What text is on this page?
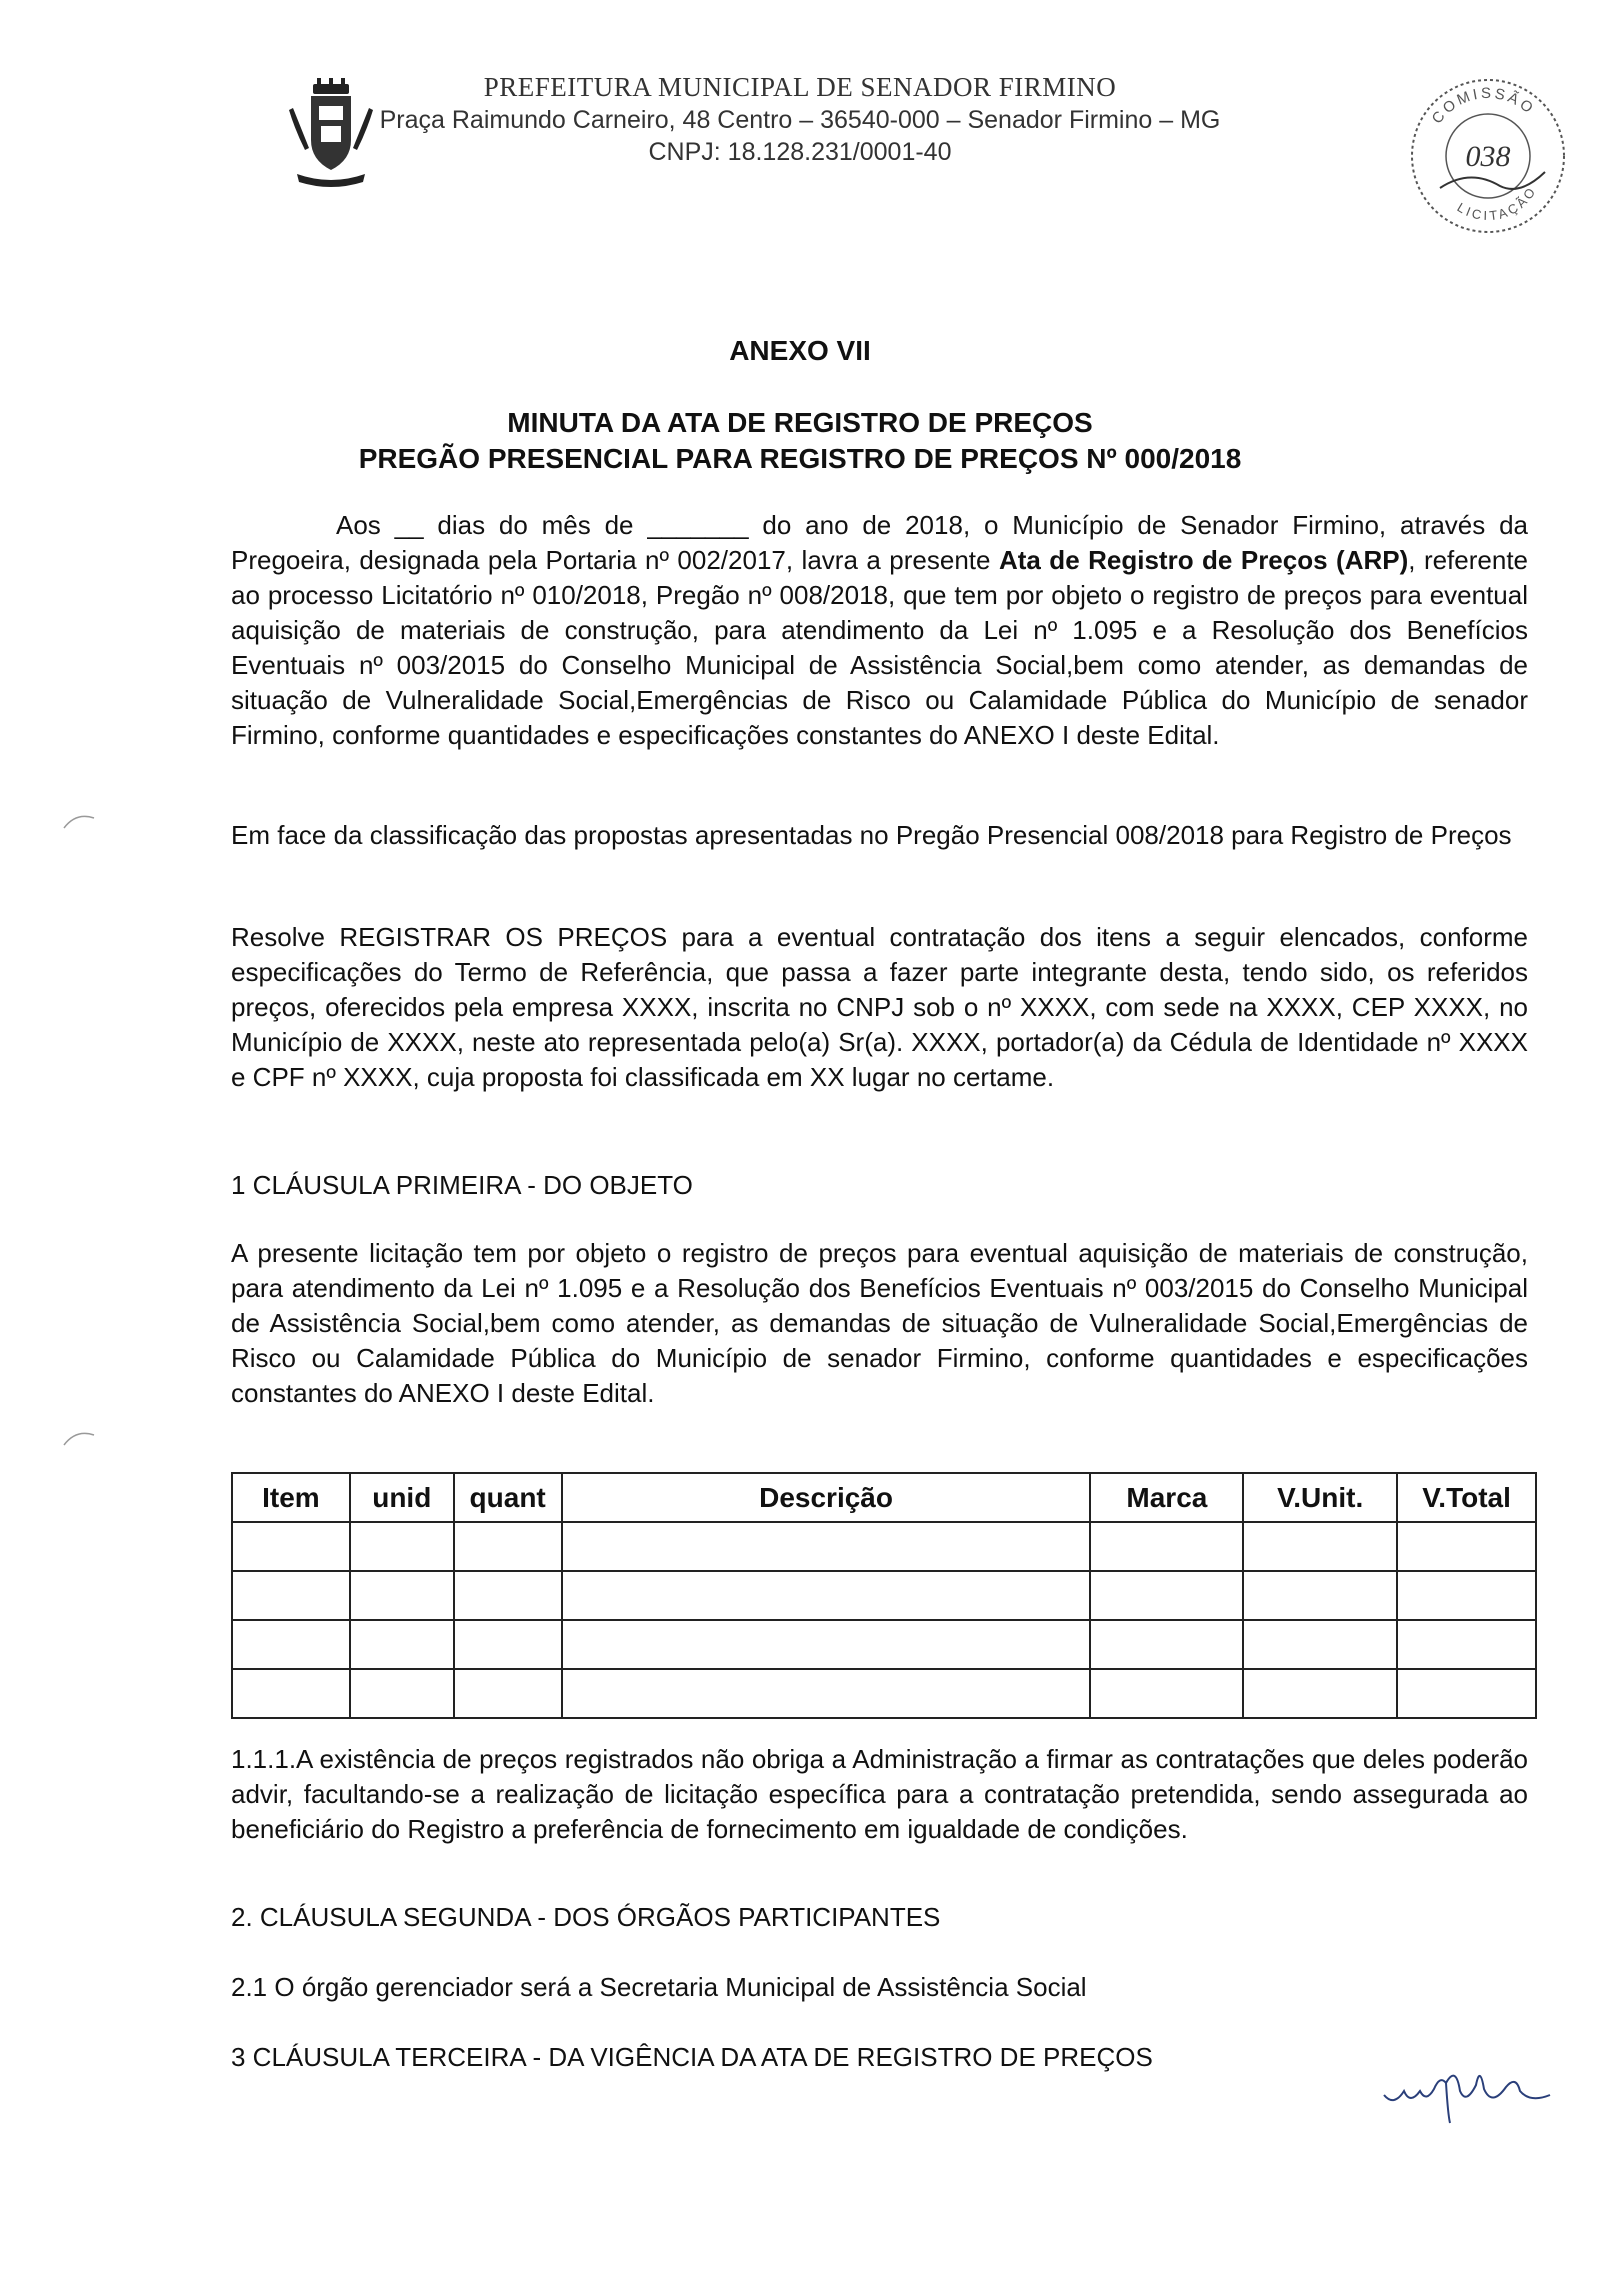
PREFEITURA MUNICIPAL DE SENADOR FIRMINO
Praça Raimundo Carneiro, 48 Centro – 36540-000 – Senador Firmino – MG
CNPJ: 18.128.231/0001-40
COMISSÃO
LICITAÇÃO
038
ANEXO VII
MINUTA DA ATA DE REGISTRO DE PREÇOS
PREGÃO PRESENCIAL PARA REGISTRO DE PREÇOS Nº 000/2018
Aos __ dias do mês de _______ do ano de 2018, o Município de Senador Firmino, através da Pregoeira, designada pela Portaria nº 002/2017, lavra a presente Ata de Registro de Preços (ARP), referente ao processo Licitatório nº 010/2018, Pregão nº 008/2018, que tem por objeto o registro de preços para eventual aquisição de materiais de construção, para atendimento da Lei nº 1.095 e a Resolução dos Benefícios Eventuais nº 003/2015 do Conselho Municipal de Assistência Social,bem como atender, as demandas de situação de Vulneralidade Social,Emergências de Risco ou Calamidade Pública do Município de senador Firmino, conforme quantidades e especificações constantes do ANEXO I deste Edital.
Em face da classificação das propostas apresentadas no Pregão Presencial 008/2018 para Registro de Preços
Resolve REGISTRAR OS PREÇOS para a eventual contratação dos itens a seguir elencados, conforme especificações do Termo de Referência, que passa a fazer parte integrante desta, tendo sido, os referidos preços, oferecidos pela empresa XXXX, inscrita no CNPJ sob o nº XXXX, com sede na XXXX, CEP XXXX, no Município de XXXX, neste ato representada pelo(a) Sr(a). XXXX, portador(a) da Cédula de Identidade nº XXXX e CPF nº XXXX, cuja proposta foi classificada em XX lugar no certame.
1 CLÁUSULA PRIMEIRA - DO OBJETO
A presente licitação tem por objeto o registro de preços para eventual aquisição de materiais de construção, para atendimento da Lei nº 1.095 e a Resolução dos Benefícios Eventuais nº 003/2015 do Conselho Municipal de Assistência Social,bem como atender, as demandas de situação de Vulneralidade Social,Emergências de Risco ou Calamidade Pública do Município de senador Firmino, conforme quantidades e especificações constantes do ANEXO I deste Edital.
Item	unid	quant	Descrição	Marca	V.Unit.	V.Total

1.1.1.A existência de preços registrados não obriga a Administração a firmar as contratações que deles poderão advir, facultando-se a realização de licitação específica para a contratação pretendida, sendo assegurada ao beneficiário do Registro a preferência de fornecimento em igualdade de condições.
2. CLÁUSULA SEGUNDA - DOS ÓRGÃOS PARTICIPANTES
2.1 O órgão gerenciador será a Secretaria Municipal de Assistência Social
3 CLÁUSULA TERCEIRA - DA VIGÊNCIA DA ATA DE REGISTRO DE PREÇOS
